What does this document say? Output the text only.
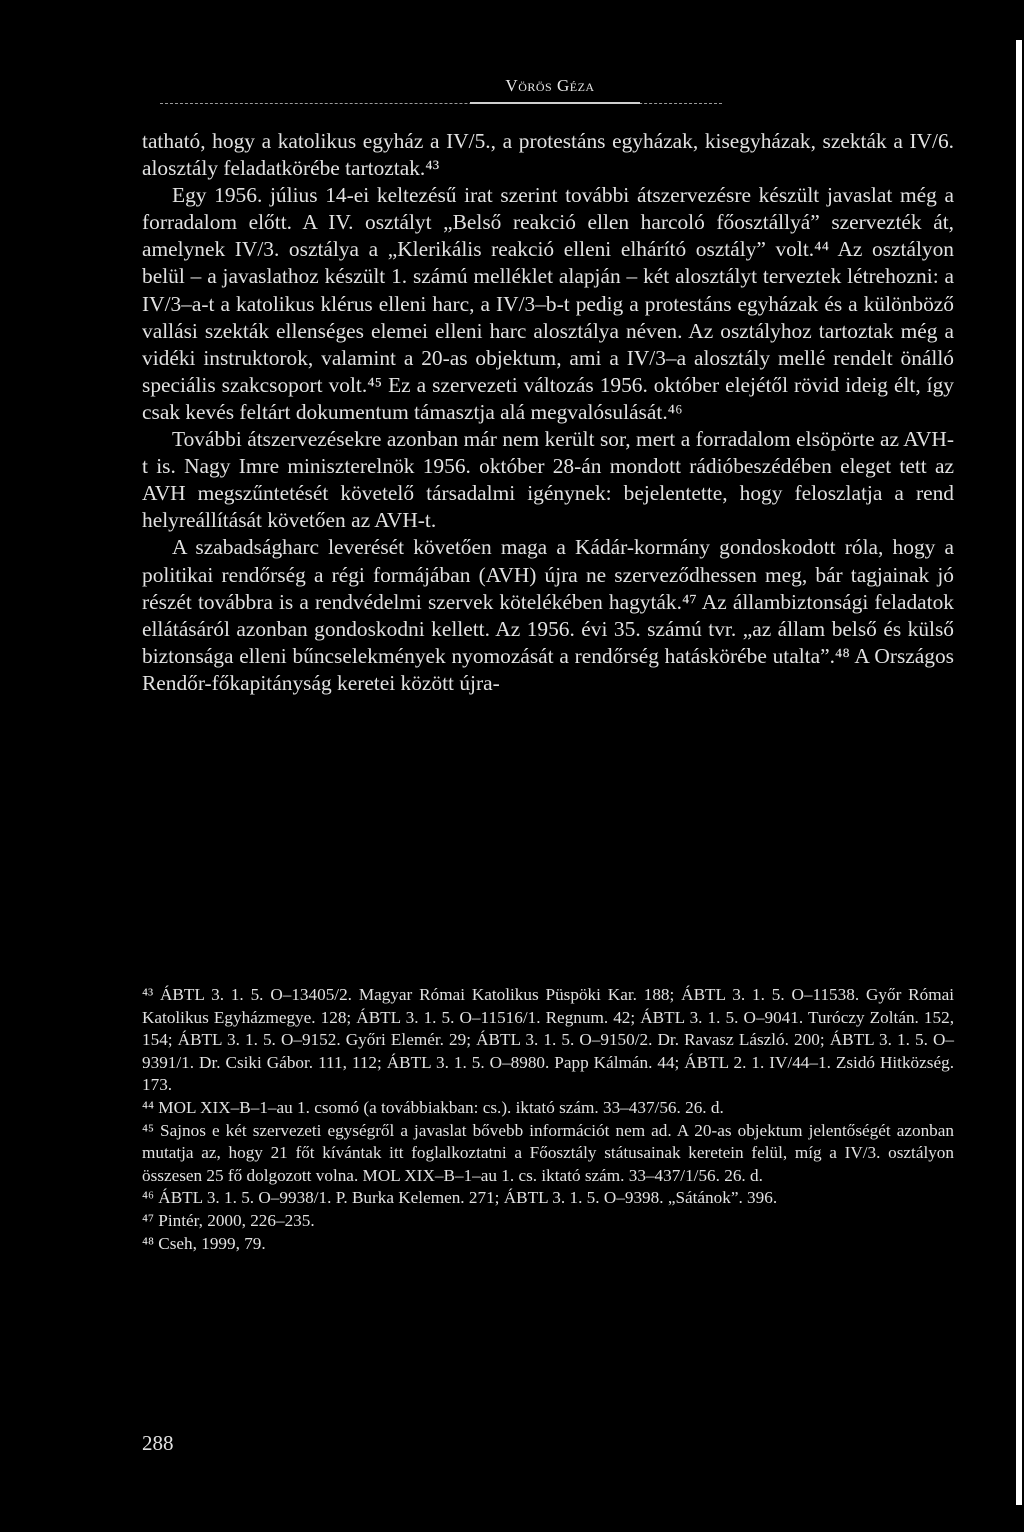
Vörös Géza

tatható, hogy a katolikus egyház a IV/5., a protestáns egyházak, kisegyházak, szekták a IV/6. alosztály feladatkörébe tartoztak.⁴³

Egy 1956. július 14-ei keltezésű irat szerint további átszervezésre készült javaslat még a forradalom előtt. A IV. osztályt „Belső reakció ellen harcoló főosztállyá” szervezték át, amelynek IV/3. osztálya a „Klerikális reakció elleni elhárító osztály” volt.⁴⁴ Az osztályon belül – a javaslathoz készült 1. számú melléklet alapján – két alosztályt terveztek létrehozni: a IV/3–a-t a katolikus klérus elleni harc, a IV/3–b-t pedig a protestáns egyházak és a különböző vallási szekták ellenséges elemei elleni harc alosztálya néven. Az osztályhoz tartoztak még a vidéki instruktorok, valamint a 20-as objektum, ami a IV/3–a alosztály mellé rendelt önálló speciális szakcsoport volt.⁴⁵ Ez a szervezeti változás 1956. október elejétől rövid ideig élt, így csak kevés feltárt dokumentum támasztja alá megvalósulását.⁴⁶

További átszervezésekre azonban már nem került sor, mert a forradalom elsöpörte az AVH-t is. Nagy Imre miniszterelnök 1956. október 28-án mondott rádióbeszédében eleget tett az AVH megszűntetését követelő társadalmi igénynek: bejelentette, hogy feloszlatja a rend helyreállítását követően az AVH-t.

A szabadságharc leverését követően maga a Kádár-kormány gondoskodott róla, hogy a politikai rendőrség a régi formájában (AVH) újra ne szerveződhessen meg, bár tagjainak jó részét továbbra is a rendvédelmi szervek kötelékében hagyták.⁴⁷ Az állambiztonsági feladatok ellátásáról azonban gondoskodni kellett. Az 1956. évi 35. számú tvr. „az állam belső és külső biztonsága elleni bűncselekmények nyomozását a rendőrség hatáskörébe utalta”.⁴⁸ A Országos Rendőr-főkapitányság keretei között újra-

⁴³ ÁBTL 3. 1. 5. O–13405/2. Magyar Római Katolikus Püspöki Kar. 188; ÁBTL 3. 1. 5. O–11538. Győr Római Katolikus Egyházmegye. 128; ÁBTL 3. 1. 5. O–11516/1. Regnum. 42; ÁBTL 3. 1. 5. O–9041. Turóczy Zoltán. 152, 154; ÁBTL 3. 1. 5. O–9152. Győri Elemér. 29; ÁBTL 3. 1. 5. O–9150/2. Dr. Ravasz László. 200; ÁBTL 3. 1. 5. O–9391/1. Dr. Csiki Gábor. 111, 112; ÁBTL 3. 1. 5. O–8980. Papp Kálmán. 44; ÁBTL 2. 1. IV/44–1. Zsidó Hitközség. 173.

⁴⁴ MOL XIX–B–1–au 1. csomó (a továbbiakban: cs.). iktató szám. 33–437/56. 26. d.

⁴⁵ Sajnos e két szervezeti egységről a javaslat bővebb információt nem ad. A 20-as objektum jelentőségét azonban mutatja az, hogy 21 főt kívántak itt foglalkoztatni a Főosztály státusainak keretein felül, míg a IV/3. osztályon összesen 25 fő dolgozott volna. MOL XIX–B–1–au 1. cs. iktató szám. 33–437/1/56. 26. d.

⁴⁶ ÁBTL 3. 1. 5. O–9938/1. P. Burka Kelemen. 271; ÁBTL 3. 1. 5. O–9398. „Sátánok”. 396.

⁴⁷ Pintér, 2000, 226–235.

⁴⁸ Cseh, 1999, 79.

288
